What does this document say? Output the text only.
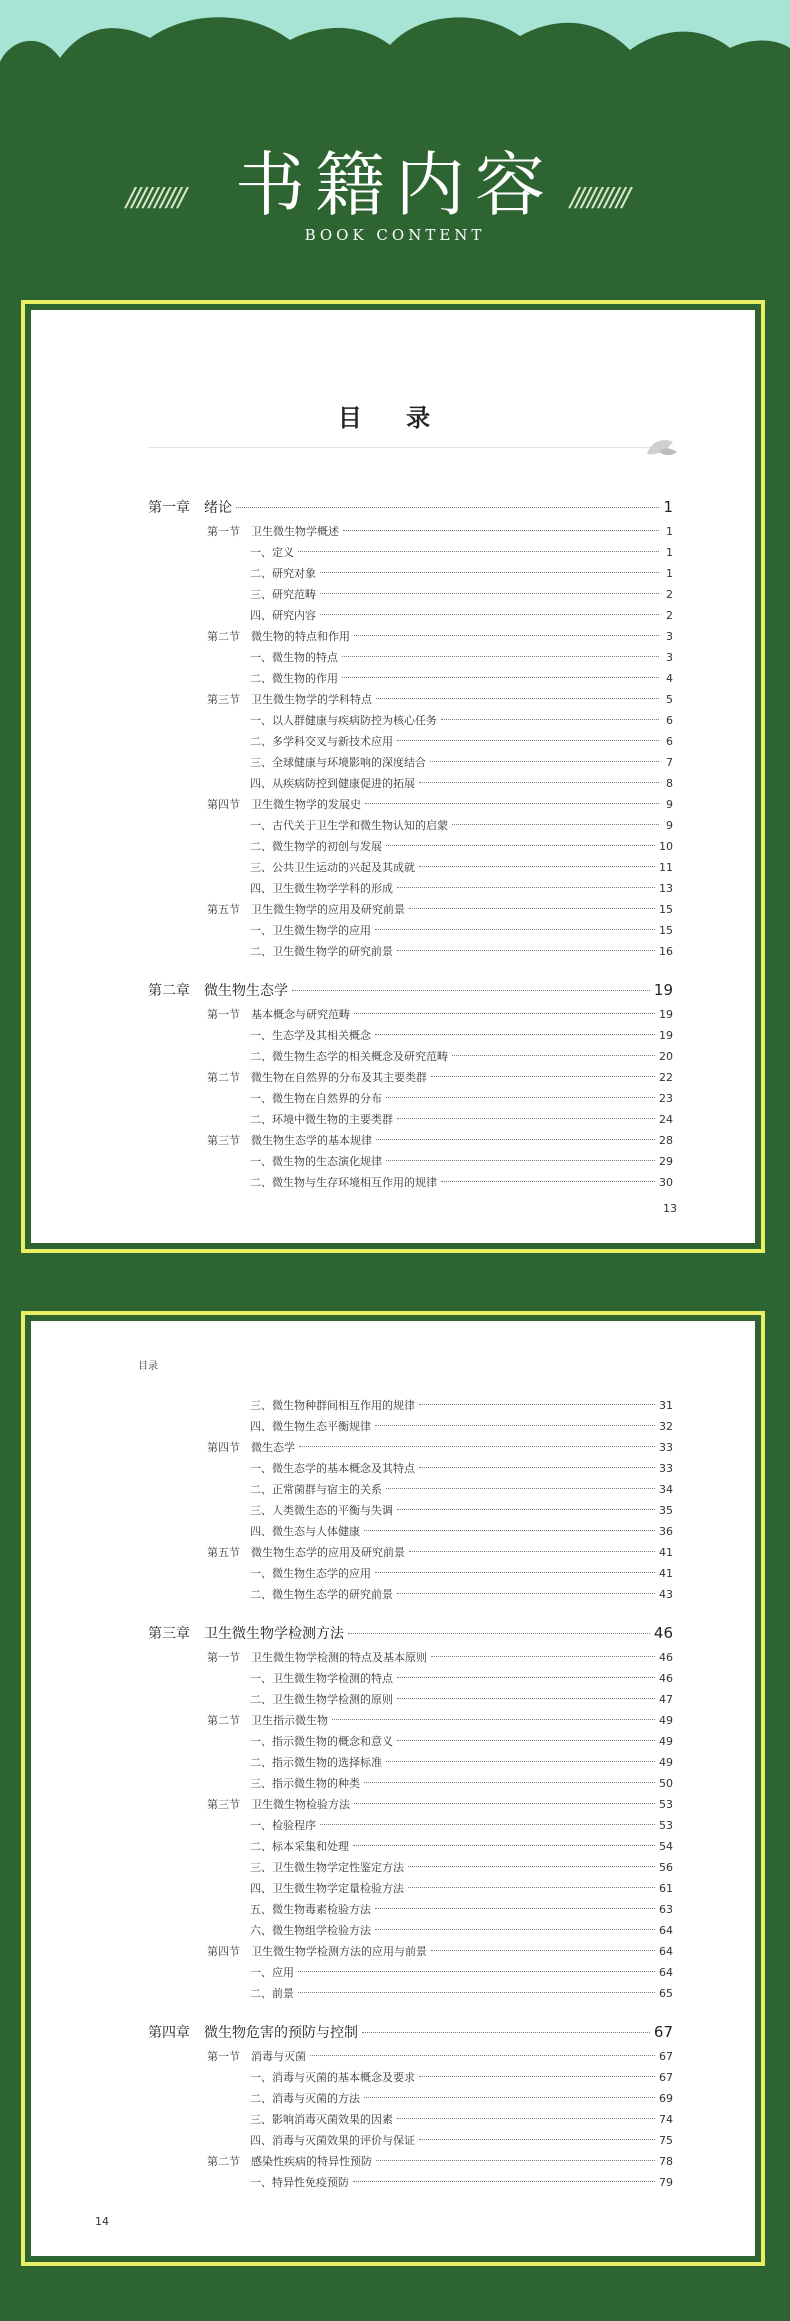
//////////	//////////
书籍内容
BOOK CONTENT
目 录
第一章　绪论	1
第一节　卫生微生物学概述	1
一、定义	1
二、研究对象	1
三、研究范畴	2
四、研究内容	2
第二节　微生物的特点和作用	3
一、微生物的特点	3
二、微生物的作用	4
第三节　卫生微生物学的学科特点	5
一、以人群健康与疾病防控为核心任务	6
二、多学科交叉与新技术应用	6
三、全球健康与环境影响的深度结合	7
四、从疾病防控到健康促进的拓展	8
第四节　卫生微生物学的发展史	9
一、古代关于卫生学和微生物认知的启蒙	9
二、微生物学的初创与发展	10
三、公共卫生运动的兴起及其成就	11
四、卫生微生物学学科的形成	13
第五节　卫生微生物学的应用及研究前景	15
一、卫生微生物学的应用	15
二、卫生微生物学的研究前景	16
第二章　微生物生态学	19
第一节　基本概念与研究范畴	19
一、生态学及其相关概念	19
二、微生物生态学的相关概念及研究范畴	20
第二节　微生物在自然界的分布及其主要类群	22
一、微生物在自然界的分布	23
二、环境中微生物的主要类群	24
第三节　微生物生态学的基本规律	28
一、微生物的生态演化规律	29
二、微生物与生存环境相互作用的规律	30
13
目录
三、微生物种群间相互作用的规律	31
四、微生物生态平衡规律	32
第四节　微生态学	33
一、微生态学的基本概念及其特点	33
二、正常菌群与宿主的关系	34
三、人类微生态的平衡与失调	35
四、微生态与人体健康	36
第五节　微生物生态学的应用及研究前景	41
一、微生物生态学的应用	41
二、微生物生态学的研究前景	43
第三章　卫生微生物学检测方法	46
第一节　卫生微生物学检测的特点及基本原则	46
一、卫生微生物学检测的特点	46
二、卫生微生物学检测的原则	47
第二节　卫生指示微生物	49
一、指示微生物的概念和意义	49
二、指示微生物的选择标准	49
三、指示微生物的种类	50
第三节　卫生微生物检验方法	53
一、检验程序	53
二、标本采集和处理	54
三、卫生微生物学定性鉴定方法	56
四、卫生微生物学定量检验方法	61
五、微生物毒素检验方法	63
六、微生物组学检验方法	64
第四节　卫生微生物学检测方法的应用与前景	64
一、应用	64
二、前景	65
第四章　微生物危害的预防与控制	67
第一节　消毒与灭菌	67
一、消毒与灭菌的基本概念及要求	67
二、消毒与灭菌的方法	69
三、影响消毒灭菌效果的因素	74
四、消毒与灭菌效果的评价与保证	75
第二节　感染性疾病的特异性预防	78
一、特异性免疫预防	79
14
